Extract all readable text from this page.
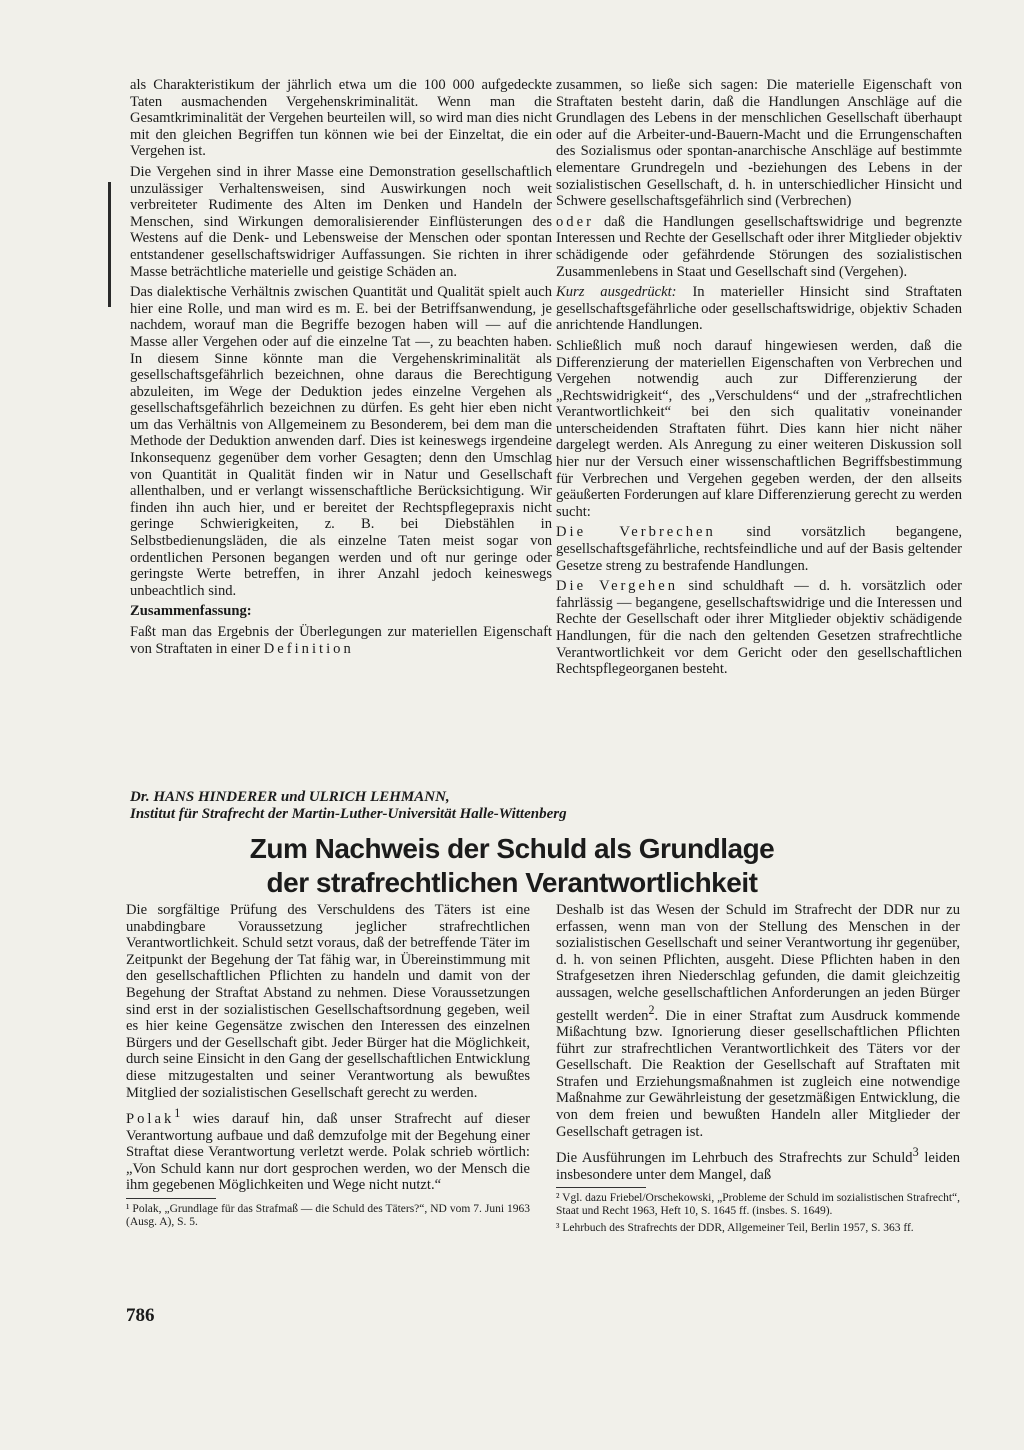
als Charakteristikum der jährlich etwa um die 100 000 aufgedeckte Taten ausmachenden Vergehenskriminalität. Wenn man die Gesamtkriminalität der Vergehen beurteilen will, so wird man dies nicht mit den gleichen Begriffen tun können wie bei der Einzeltat, die ein Vergehen ist.

Die Vergehen sind in ihrer Masse eine Demonstration gesellschaftlich unzulässiger Verhaltensweisen, sind Auswirkungen noch weit verbreiteter Rudimente des Alten im Denken und Handeln der Menschen, sind Wirkungen demoralisierender Einflüsterungen des Westens auf die Denk- und Lebensweise der Menschen oder spontan entstandener gesellschaftswidriger Auffassungen. Sie richten in ihrer Masse beträchtliche materielle und geistige Schäden an.

Das dialektische Verhältnis zwischen Quantität und Qualität spielt auch hier eine Rolle, und man wird es m. E. bei der Betriffsanwendung, je nachdem, worauf man die Begriffe bezogen haben will — auf die Masse aller Vergehen oder auf die einzelne Tat —, zu beachten haben. In diesem Sinne könnte man die Vergehenskriminalität als gesellschaftsgefährlich bezeichnen, ohne daraus die Berechtigung abzuleiten, im Wege der Deduktion jedes einzelne Vergehen als gesellschaftsgefährlich bezeichnen zu dürfen. Es geht hier eben nicht um das Verhältnis von Allgemeinem zu Besonderem, bei dem man die Methode der Deduktion anwenden darf. Dies ist keineswegs irgendeine Inkonsequenz gegenüber dem vorher Gesagten; denn den Umschlag von Quantität in Qualität finden wir in Natur und Gesellschaft allenthalben, und er verlangt wissenschaftliche Berücksichtigung. Wir finden ihn auch hier, und er bereitet der Rechtspflegepraxis nicht geringe Schwierigkeiten, z. B. bei Diebstählen in Selbstbedienungsläden, die als einzelne Taten meist sogar von ordentlichen Personen begangen werden und oft nur geringe oder geringste Werte betreffen, in ihrer Anzahl jedoch keineswegs unbeachtlich sind.

Zusammenfassung:

Faßt man das Ergebnis der Überlegungen zur materiellen Eigenschaft von Straftaten in einer Definition

zusammen, so ließe sich sagen: Die materielle Eigenschaft von Straftaten besteht darin, daß die Handlungen Anschläge auf die Grundlagen des Lebens in der menschlichen Gesellschaft überhaupt oder auf die Arbeiter-und-Bauern-Macht und die Errungenschaften des Sozialismus oder spontan-anarchische Anschläge auf bestimmte elementare Grundregeln und -beziehungen des Lebens in der sozialistischen Gesellschaft, d. h. in unterschiedlicher Hinsicht und Schwere gesellschaftsgefährlich sind (Verbrechen)

oder daß die Handlungen gesellschaftswidrige und begrenzte Interessen und Rechte der Gesellschaft oder ihrer Mitglieder objektiv schädigende oder gefährdende Störungen des sozialistischen Zusammenlebens in Staat und Gesellschaft sind (Vergehen).

Kurz ausgedrückt: In materieller Hinsicht sind Straftaten gesellschaftsgefährliche oder gesellschaftswidrige, objektiv Schaden anrichtende Handlungen.

Schließlich muß noch darauf hingewiesen werden, daß die Differenzierung der materiellen Eigenschaften von Verbrechen und Vergehen notwendig auch zur Differenzierung der „Rechtswidrigkeit“, des „Verschuldens“ und der „strafrechtlichen Verantwortlichkeit“ bei den sich qualitativ voneinander unterscheidenden Straftaten führt. Dies kann hier nicht näher dargelegt werden. Als Anregung zu einer weiteren Diskussion soll hier nur der Versuch einer wissenschaftlichen Begriffsbestimmung für Verbrechen und Vergehen gegeben werden, der den allseits geäußerten Forderungen auf klare Differenzierung gerecht zu werden sucht:

Die Verbrechen sind vorsätzlich begangene, gesellschaftsgefährliche, rechtsfeindliche und auf der Basis geltender Gesetze streng zu bestrafende Handlungen.

Die Vergehen sind schuldhaft — d. h. vorsätzlich oder fahrlässig — begangene, gesellschaftswidrige und die Interessen und Rechte der Gesellschaft oder ihrer Mitglieder objektiv schädigende Handlungen, für die nach den geltenden Gesetzen strafrechtliche Verantwortlichkeit vor dem Gericht oder den gesellschaftlichen Rechtspflegeorganen besteht.

Dr. HANS HINDERER und ULRICH LEHMANN,
Institut für Strafrecht der Martin-Luther-Universität Halle-Wittenberg
Zum Nachweis der Schuld als Grundlage
der strafrechtlichen Verantwortlichkeit

Die sorgfältige Prüfung des Verschuldens des Täters ist eine unabdingbare Voraussetzung jeglicher strafrechtlichen Verantwortlichkeit. Schuld setzt voraus, daß der betreffende Täter im Zeitpunkt der Begehung der Tat fähig war, in Übereinstimmung mit den gesellschaftlichen Pflichten zu handeln und damit von der Begehung der Straftat Abstand zu nehmen. Diese Voraussetzungen sind erst in der sozialistischen Gesellschaftsordnung gegeben, weil es hier keine Gegensätze zwischen den Interessen des einzelnen Bürgers und der Gesellschaft gibt. Jeder Bürger hat die Möglichkeit, durch seine Einsicht in den Gang der gesellschaftlichen Entwicklung diese mitzugestalten und seiner Verantwortung als bewußtes Mitglied der sozialistischen Gesellschaft gerecht zu werden.

Polak$^1$ wies darauf hin, daß unser Strafrecht auf dieser Verantwortung aufbaue und daß demzufolge mit der Begehung einer Straftat diese Verantwortung verletzt werde. Polak schrieb wörtlich: „Von Schuld kann nur dort gesprochen werden, wo der Mensch die ihm gegebenen Möglichkeiten und Wege nicht nutzt.“

¹ Polak, „Grundlage für das Strafmaß — die Schuld des Täters?“, ND vom 7. Juni 1963 (Ausg. A), S. 5.

Deshalb ist das Wesen der Schuld im Strafrecht der DDR nur zu erfassen, wenn man von der Stellung des Menschen in der sozialistischen Gesellschaft und seiner Verantwortung ihr gegenüber, d. h. von seinen Pflichten, ausgeht. Diese Pflichten haben in den Strafgesetzen ihren Niederschlag gefunden, die damit gleichzeitig aussagen, welche gesellschaftlichen Anforderungen an jeden Bürger gestellt werden$^2$. Die in einer Straftat zum Ausdruck kommende Mißachtung bzw. Ignorierung dieser gesellschaftlichen Pflichten führt zur strafrechtlichen Verantwortlichkeit des Täters vor der Gesellschaft. Die Reaktion der Gesellschaft auf Straftaten mit Strafen und Erziehungsmaßnahmen ist zugleich eine notwendige Maßnahme zur Gewährleistung der gesetzmäßigen Entwicklung, die von dem freien und bewußten Handeln aller Mitglieder der Gesellschaft getragen ist.

Die Ausführungen im Lehrbuch des Strafrechts zur Schuld$^3$ leiden insbesondere unter dem Mangel, daß

² Vgl. dazu Friebel/Orschekowski, „Probleme der Schuld im sozialistischen Strafrecht“, Staat und Recht 1963, Heft 10, S. 1645 ff. (insbes. S. 1649).

³ Lehrbuch des Strafrechts der DDR, Allgemeiner Teil, Berlin 1957, S. 363 ff.

786
